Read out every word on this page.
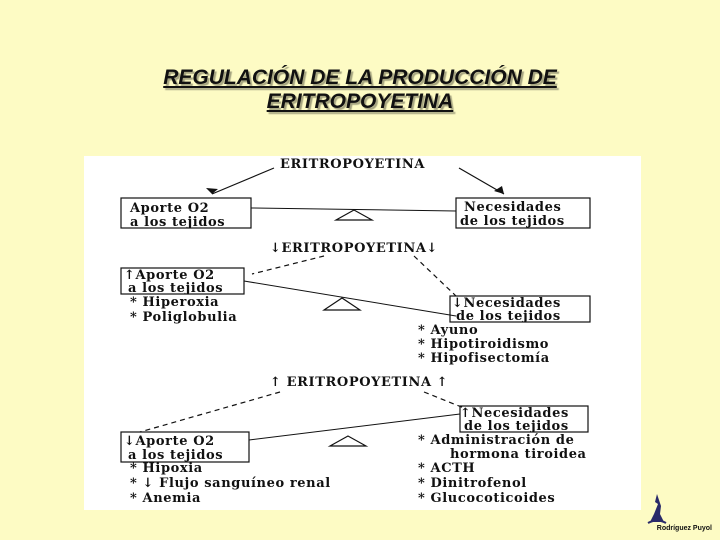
REGULACIÓN DE LA PRODUCCIÓN DE
ERITROPOYETINA
ERITROPOYETINA
Aporte O2
a los tejidos
Necesidades
de los tejidos
↓ERITROPOYETINA↓
↑Aporte O2
a los tejidos
* Hiperoxia
* Poliglobulia
↓Necesidades
de los tejidos
* Ayuno
* Hipotiroidismo
* Hipofisectomía
↑ ERITROPOYETINA ↑
↑Necesidades
de los tejidos
↓Aporte O2
a los tejidos
* Hipoxia
* ↓ Flujo sanguíneo renal
* Anemia
* Administración de
hormona tiroidea
* ACTH
* Dinitrofenol
* Glucocoticoides
Rodríguez Puyol
